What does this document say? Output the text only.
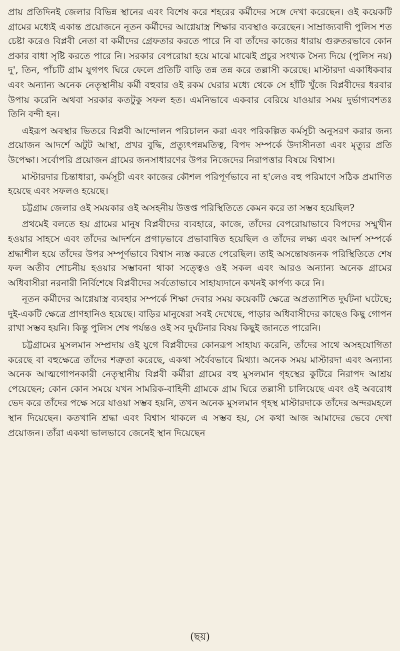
প্রায় প্রতিদিনই জেলার বিভিন্ন স্থানের এবং বিশেষ করে শহরের কর্মীদের সঙ্গে দেখা করেছেন। ওই কয়েকটি গ্রামের মধ্যেই একান্ত প্রয়োজনে নূতন কর্মীদের আগ্নেয়াস্ত্র শিক্ষার ব্যবস্থাও করেছেন। সাম্রাজ্যবাদী পুলিস শত চেষ্টা করেও বিপ্লবী নেতা বা কর্মীদের গ্রেফতার করতে পারে নি বা তাঁদের কাজের ধারায় গুরুতরভাবে কোন প্রকার বাধা সৃষ্টি করতে পারে নি। সরকার বেপরোয়া হয়ে মাঝে মাঝেই প্রচুর সংখ্যক সৈন্য দিয়ে (পুলিস নয়) দু', তিন, পাঁচটি গ্রাম যুগপৎ ঘিরে ফেলে প্রতিটি বাড়ি তন্ন তন্ন করে তল্লাসী করেছে। মাস্টারদা একাধিকবার এবং অন্যান্য অনেক নেতৃস্থানীয় কর্মী বহুবার ওই রকম ঘেরার মধ্যে থেকে সে হাঁটি খুঁজে বিপ্লবীদের ধরবার উপায় করেনি অথবা সরকার কতটুকু সফল হত। এমনিভাবে একবার বেরিয়ে যাওয়ার সময় দুর্ভাগ্যবশতঃ তিনি বন্দী হন।

এইরূপ অবস্থার ভিতরে বিপ্লবী আন্দোলন পরিচালন করা এবং পরিকল্পিত কর্মসূচী অনুসরণ করার জন্য প্রয়োজন আদর্শে অটুট আস্থা, প্রখর বুদ্ধি, প্রত্যুৎপন্নমতিত্ব, বিপদ সম্পর্কে উদাসীনতা এবং মৃত্যুর প্রতি উপেক্ষা। সর্বোপরি প্রয়োজন গ্রামের জনসাধারণের উপর নিজেদের নিরাপত্তার বিষয়ে বিশ্বাস।

মাস্টারদার চিন্তাধারা, কর্মসূচী এবং কাজের কৌশল পরিপূর্ণভাবে না হ'লেও বহু পরিমাণে সঠিক প্রমাণিত হয়েছে এবং সফলও হয়েছে।

চট্টগ্রাম জেলার ওই সময়কার ওই অসহনীয় উত্তপ্ত পরিস্থিতিতে কেমন করে তা সম্ভব হয়েছিল?

প্রথমেই বলতে হয় গ্রামের মানুষ বিপ্লবীদের ব্যবহারে, কাজে, তাঁদের বেপরোয়াভাবে বিপদের সম্মুখীন হওয়ার সাহসে এবং তাঁদের আদর্শনে প্রগাঢ়ভাবে প্রভাবান্বিত হয়েছিল ও তাঁদের লক্ষ্য এবং আদর্শ সম্পর্কে শ্রদ্ধাশীল হয়ে তাঁদের উপর সম্পূর্ণভাবে বিশ্বাস ন্যস্ত করতে পেরেছিল। তাই অসন্তোষজনক পরিস্থিতিতে শেষ ফল অতীব শোচনীয় হওয়ার সম্ভাবনা থাকা সত্ত্বেও ওই সকল এবং আরও অন্যান্য অনেক গ্রামের অধিবাসীরা নরনারী নির্বিশেষে বিপ্লবীদের সর্বতোভাবে সাহায্যদানে কখনই কার্পণ্য করে নি।

নূতন কর্মীদের আগ্নেয়াস্ত্র ব্যবহার সম্পর্কে শিক্ষা দেবার সময় কয়েকটি ক্ষেত্রে অপ্রত্যাশিত দুর্ঘটনা ঘটেছে; দুই-একটি ক্ষেত্রে প্রাণহানিও হয়েছে। বাড়ির মানুষেরা সবই দেখেছে, পাড়ার অধিবাসীদের কাছেও কিছু গোপন রাখা সম্ভব হয়নি। কিন্তু পুলিস শেষ পর্যন্তও ওই সব দুর্ঘটনার বিষয় কিছুই জানতে পারেনি।

চট্টগ্রামের মুসলমান সম্প্রদায় ওই যুগে বিপ্লবীদের কোনরূপ সাহায্য করেনি, তাঁদের সাথে অসহযোগিতা করেছে বা বহুক্ষেত্রে তাঁদের শত্রুতা করেছে, একথা সর্বৈবভাবে মিথ্যা। অনেক সময় মাস্টারদা এবং অন্যান্য অনেক আত্মগোপনকারী নেতৃস্থানীয় বিপ্লবী কর্মীরা গ্রামের বহু মুসলমান গৃহস্থের কুটিরে নিরাপদ আশ্রয় পেয়েছেন; কোন কোন সময়ে যখন সামরিক-বাহিনী গ্রামকে গ্রাম ঘিরে তল্লাসী চালিয়েছে এবং ওই অবরোধ ভেদ করে তাঁদের পক্ষে সরে যাওয়া সম্ভব হয়নি, তখন অনেক মুসলমান গৃহস্থ মাস্টারদাকে তাঁদের অন্দরমহলে স্থান দিয়েছেন। কতখানি শ্রদ্ধা এবং বিশ্বাস থাকলে এ সম্ভব হয়, সে কথা আজ আমাদের ভেবে দেখা প্রয়োজন। তাঁরা একথা ভালভাবে জেনেই স্থান দিয়েছেন

(ছয়)
